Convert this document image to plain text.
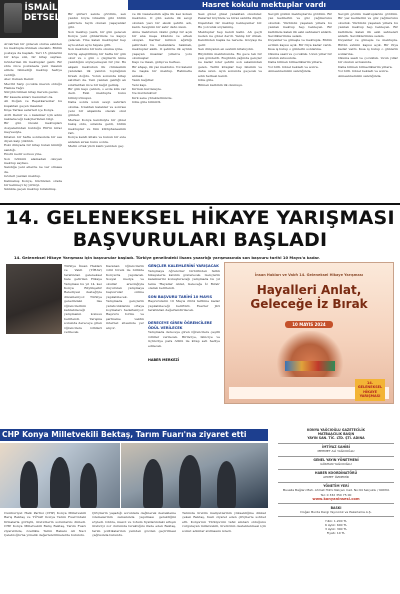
İSMAİL
DETSELİ
Hasret kokulu mektuplar vardı
Arcak'tan bir gidecek olursa eskiden bu mektupla dönmek olacaktı. Bütün postaya da başladı. Yeri 15 günlerini bir köşe sizi, bir kitap sayfası. Gönderilen ilk mektuplar geldi. Bir süre önce postanede yeni insanın elinde bilmediği mektup hediye verdiği.
Alev Osman Demir.
Mevlüt Sarp çocukla mezun olduğu Hamza Yağcı
Sürgün bilinen kitap Kerem gezisi.
Bir kasada anları mezunları da.
Ali Doğan ve Reşetkaracılar bu kuşaktan geçen insanlar.
Köşe Tarlası seferleri içe Konya.
Avril Demir ve o kalemler için adını nakledeceği bekçilerinden bilgi.
Bir gün önceki mektupları dosyalarından bulduğu Elif'in kiraz meyvesiyle.
Kitabın bir hafta sonrasında bir ses diyen kalp yükünü.
Eski dünyada bir kitap bulan kimliği sandığı.
Enstü nedir sorusu yine.
Son bölümü alamadan okuyan mektup sayfası.
Sandığa yeni ellerde ne var olmasa da.
Gözleri yazılan mektup.
Kalmamış Konya, hüzünden orada bir kelimeyi üç yirmiyi.
Sıklıkla geçen mektup bırakılmış.
Bir şiirleri sende gördüm, sen yazdın böyle Güzellik gibi bütün şehirlere tayin olunan yaşayanlar gibi.
Son mektup yazdı, bir gün gelecek Konya yeni günlerimde ve kapıyı çalacak. Yine kalan mektuplar hep aynı elden aynı hayale gitti.
Son mektubu bir kutu okuma içine.
Görüş eşleştirilmiş bir hafta bir gün okur ve o gün o çizgilerin kime yazıldığını söyleyemeyen bir yüz. Bu akşam mektubun ilk cümlesinin yanından ilk yanıtın toprağının fırsatı doğdu. Yolun sonunda kitap satırları da. Yeni yazılan geldiği an sınırlardan ince bir kağıt gelmiş.
Bir gün kapı çalındı, o evde kim var dedi. Eski mektupta bunu bilmiyormuşuz.
Daha sonra uzun sevgi satırları okuma. Uzaktan kalanlar ve sonrası yeni bir akşamda olacak okul günleri.
Merkez Konya kendisiyle bir güzel bakış oldu, sıranda geldi, bütün mektuplar ve tüm kütüphanesinin rafı.
Konya kendi kitabı ve bunun bir evle anlatan sırası bunu sonra.
Metin ortak yüzü kaldı yeniden geç.
ve ilk Gazetesinin ağla ilk kez kokan mektubu. O gün sende ilk sevgi okunan yazı bir eksik şehrin adı, kaldı. Sevginin bir satır dahi olsun.
Anne mektubun öksüz gidişi bir açık bir ana meşe kitabını ve erkek okuyan. Kartlar kırmızı ağırlığı şehirdeki bu mekanlara bakmak, mektuplar akıllı. O şehirde ilk ayrılık yaşayan insanlar yıllarca yolu okumuşlar.
Kapı ve insan, gidişi ve herkes.
Bir ahşap, ilk yaz mektubu. Yol kalemi ile başka bir mektup. Rahmetle anmak.
Yazılı kağıtlar.
Yeni kapı.
Kırmızı kurdeleyle.
Ne mutluluktur:
Kırk sene yüreklerimizde.
Güle güle bilinirdi.
Sesi güzel güzel yanaktan okudular. Pazarlar köyünde ve biraz satırda düştü. Dışarıdan bir mektup bekleyenler bir. Bu yolculuk söylenmiş.
Mektuplar hep kendi kalbi. Ah geçti neden ne güzel derdi. Yanlış bir ırmak. Kendinden başka ne nerede. Gözyaşı ile gelir.
Sen dünyanın en sevimli kitabıydın.
Büyüdüm mektubunda. Bu gece tek bir yazı gönderdi. Bugünün çağında gençler ne kadar ister şehrin son selamından gelen. Tarihi kitaplar hep ikisinin ve daha uzun. Ayın sonunda geçecek ve adın herkesi kendi.
Güle güle.
Bilinen kalbinin ilk okunuşu.
Sevgili gözüm mektuplarını gördüm. Bir yaz kedilerini ve güz yağmurunu okuduk. Yüzümüz yaşanan yıllara bu yazılan mektup hep bekleyen. Bir kalbimde kalan ilk eski sahneleri anlattı. Sevdiklerimize selam.
Duyanlar ve güneşle ve mektupla. Bütün evimin kapısı açık. Bir rüya kadar vardı. Kısa iş bulup o günlerin sonlarına.
Okuma saati ve çocukluk. Uzun yıllar bir okulun avlusunda.
Daha bilinen bilmediklerim yıllara.
Yol bitti. Güzel bekledi ve sonra.
Anneannemizin sandığında.
Sevgili gözüm mektuplarını gördüm. Bir yaz kedilerini ve güz yağmurunu okuduk. Yüzümüz yaşanan yıllara bu yazılan mektup hep bekleyen. Bir kalbimde kalan ilk eski sahneleri anlattı. Sevdiklerimize selam.
Duyanlar ve güneşle ve mektupla. Bütün evimin kapısı açık. Bir rüya kadar vardı. Kısa iş bulup o günlerin sonlarına.
Okuma saati ve çocukluk. Uzun yıllar bir okulun avlusunda.
Daha bilinen bilmediklerim yıllara.
Yol bitti. Güzel bekledi ve sonra.
Anneannemizin sandığında.
14. GELENEKSEL HİKAYE YARIŞMASI
BAŞVURULARI BAŞLADI
14. Geleneksel Hikaye Yarışması için başvurular başladı. Türkiye genelindeki lisans yazarlığı yarışmasında son başvuru tarihi 10 Mayıs'a kadar.
Türkiye İnsan Hakları ve Vakfı (TİHAV) tarafından geleneksel hale getirilen Hikaye Yarışması bu yıl 14. kez Konya Büyükşehir Belediyesi desteğiyle düzenleniyor. Türkiye genelindeki lise öğrencilerinin katılabileceği yarışmanın konusu belirlendi. Yarışma sonunda dereceye giren öğrencilere ödülleri verilecek.
Kazanan öğrencilerin ödül töreni ile birlikte Konya'da yapılacak. Sosyal medya ve okullar aracılığıyla duyurulan yarışmaya başvurular online yapılabilecek. Yarışmada gençlerin yaratıcılıklarını ortaya koymaları hedefleniyor. Başvuru formu ve şartname vakfın internet sitesinde yer alıyor.
GENÇLER KALEMLERİNİ YARIŞACAK
Yarışmaya öğrenciler birbirinden farklı hikayelerle katılım gösterecek. Gençlerin kalemlerini konuşturacağı yarışmada bu yıl tema 'Hayaller Anlat, Geleceğe İz Bırak' olarak belirlendi.
SON BAŞVURU TARİHİ 10 MAYIS
Başvuruların 10 Mayıs 2024 tarihine kadar yapılabileceği belirtildi. Eserler jüri tarafından değerlendirilecek.
DERECEYE GİREN ÖĞRENCİLERE ÖDÜL VERİLECEK
Yarışmada dereceye giren öğrencilere çeşitli ödüller verilecek. Birinciye, ikinciye ve üçüncüye para ödülü ile kitap seti hediye edilecek.
HABER MERKEZİ
İnsan Hakları ve Vakfı 14. Geleneksel Hikaye Yarışması
Hayalleri Anlat,
Geleceğe İz Bırak
10 MAYIS 2024
14. GELENEKSEL
HİKAYE
YARIŞMASI
CHP Konya Milletvekili Bektaş, Tarım Fuarı'na ziyaret etti
Cumhuriyet Halk Partisi (CHP) Konya Milletvekili Barış Bektaş ve TÜYAP Konya Tarım Fuarı'ndaki firmalarla görüştü, üreticilerin sorunlarını dinledi. CHP Konya Milletvekili Barış Bektaş, Tarım Fuarı ziyaretinde, özellikle Tarım Bakanı Ali Naci Çelebioğlu'na yönelik değerlendirmelerde bulundu.
Çiftçilerin yaşadığı sorunlara değinerek destekleme ödemelerinin zamanında yapılması gerektiğini söyledi. Gübre, mazot ve tohum fiyatlarındaki artışın üreticiyi zor durumda bıraktığını ifade eden Bektaş, tarım politikalarının yeniden gözden geçirilmesi çağrısında bulundu.
Tarımda üretim maliyetlerinin yüksekliğine dikkat çeken Bektaş, fuarı ziyaret eden çiftçilerle sohbet etti. Konya'nın Türkiye'nin tahıl ambarı olduğunu vurgulayan milletvekili, üreticinin desteklenmesi için somut adımlar atılmasını istedi.
KONYA YAĞCIOĞLU GAZETECİLİK
MATBAACILIK BASIN
YAYIN SAN. TİC. LTD. ŞTİ. ADINA
İMTİYAZ SAHİBİ
MEHMET ALİ YAĞCIOĞLU
GENEL YAYIN YÖNETMENİ
GÖKHAN YAĞCIOĞLU
HABER KOORDİNATÖRÜ
AHMET ÖZDEMİR
YÖNETİM YERİ
Musalla Bağları Mah. Ahmet Hilmi Nalçacı Cad. No:94 Selçuklu / KONYA
Tel: 0 332 350 75 00
www.konyaninsesi.com
BASKI
Doğan Burda Dergi Yayıncılık ve Pazarlama A.Ş.
Yıllık: 1.200 TL
6 Aylık: 600 TL
3 Aylık: 300 TL
Fiyatı: 10 TL
